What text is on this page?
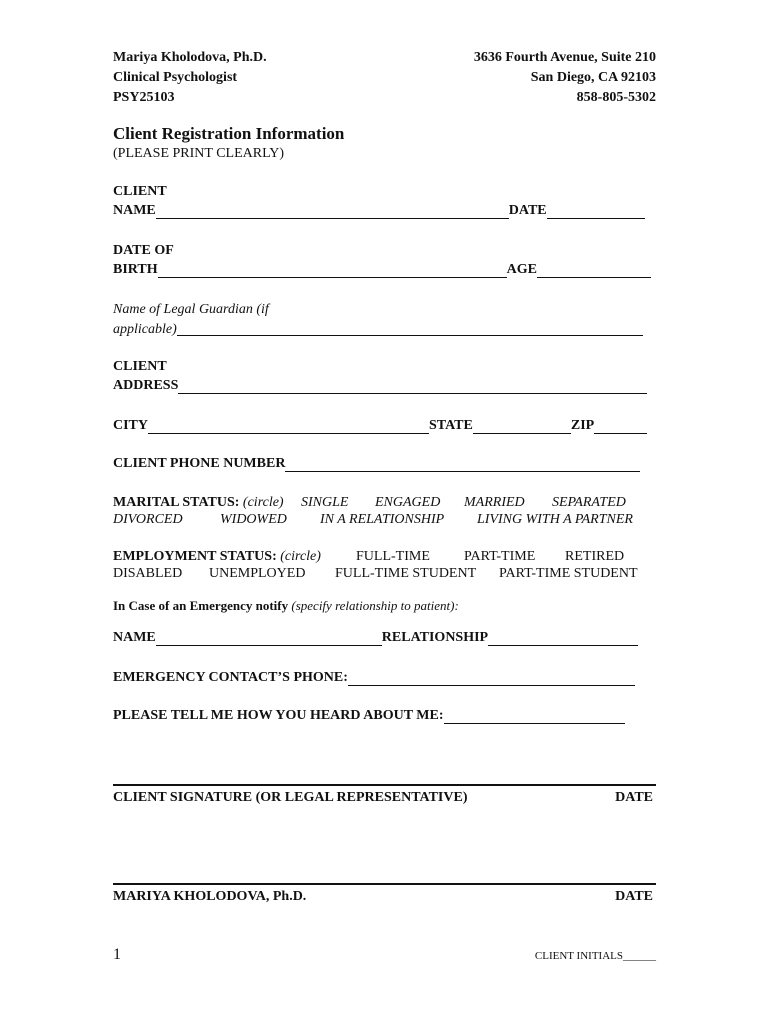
Mariya Kholodova, Ph.D.
Clinical Psychologist
PSY25103
3636 Fourth Avenue, Suite 210
San Diego, CA 92103
858-805-5302
Client Registration Information
(PLEASE PRINT CLEARLY)
CLIENT
NAME	DATE
DATE OF
BIRTH	AGE
Name of Legal Guardian (if
applicable)
CLIENT
ADDRESS
CITY	STATE	ZIP
CLIENT PHONE NUMBER
MARITAL STATUS: (circle) SINGLE ENGAGED MARRIED SEPARATED
DIVORCED	WIDOWED IN A RELATIONSHIP LIVING WITH A PARTNER
EMPLOYMENT STATUS: (circle)	FULL-TIME PART-TIME RETIRED
DISABLED UNEMPLOYED FULL-TIME STUDENT PART-TIME STUDENT
In Case of an Emergency notify (specify relationship to patient):
NAME	RELATIONSHIP
EMERGENCY CONTACT’S PHONE:
PLEASE TELL ME HOW YOU HEARD ABOUT ME:
CLIENT SIGNATURE (OR LEGAL REPRESENTATIVE)	DATE
MARIYA KHOLODOVA, Ph.D.	DATE
1	CLIENT INITIALS______
